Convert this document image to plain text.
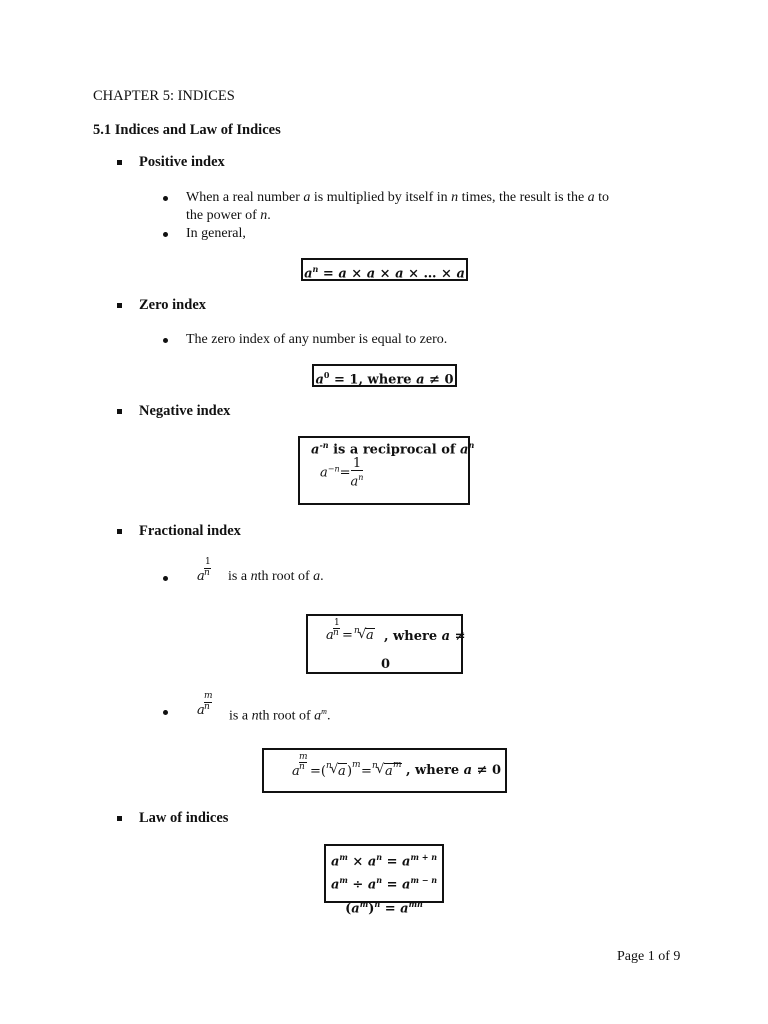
CHAPTER 5: INDICES
5.1 Indices and Law of Indices
Positive index
When a real number a is multiplied by itself in n times, the result is the a to
the power of n.
In general,
$a^n = a \times a \times a$ × … × a
Zero index
The zero index of any number is equal to zero.
$a^0 = 1$, where a ≠ 0
Negative index
$a^{-n}$ is a reciprocal of $a^n$
$a^{-n}= \frac{1}{a^n}$
Fractional index
1
n
a is a nth root of a.
1
n
a = n
√ a , where a ≠
0
m
n
a is a nth root of $a^m$.
m
n
a =( n
√ a ) m = n
√ a m , where a ≠ 0
Law of indices
$a^m \times a^n = a^{m + n}$
$a^m \div a^n = a^{m - n}$
$(a^m)^n = a^{mn}$
Page 1 of 9
